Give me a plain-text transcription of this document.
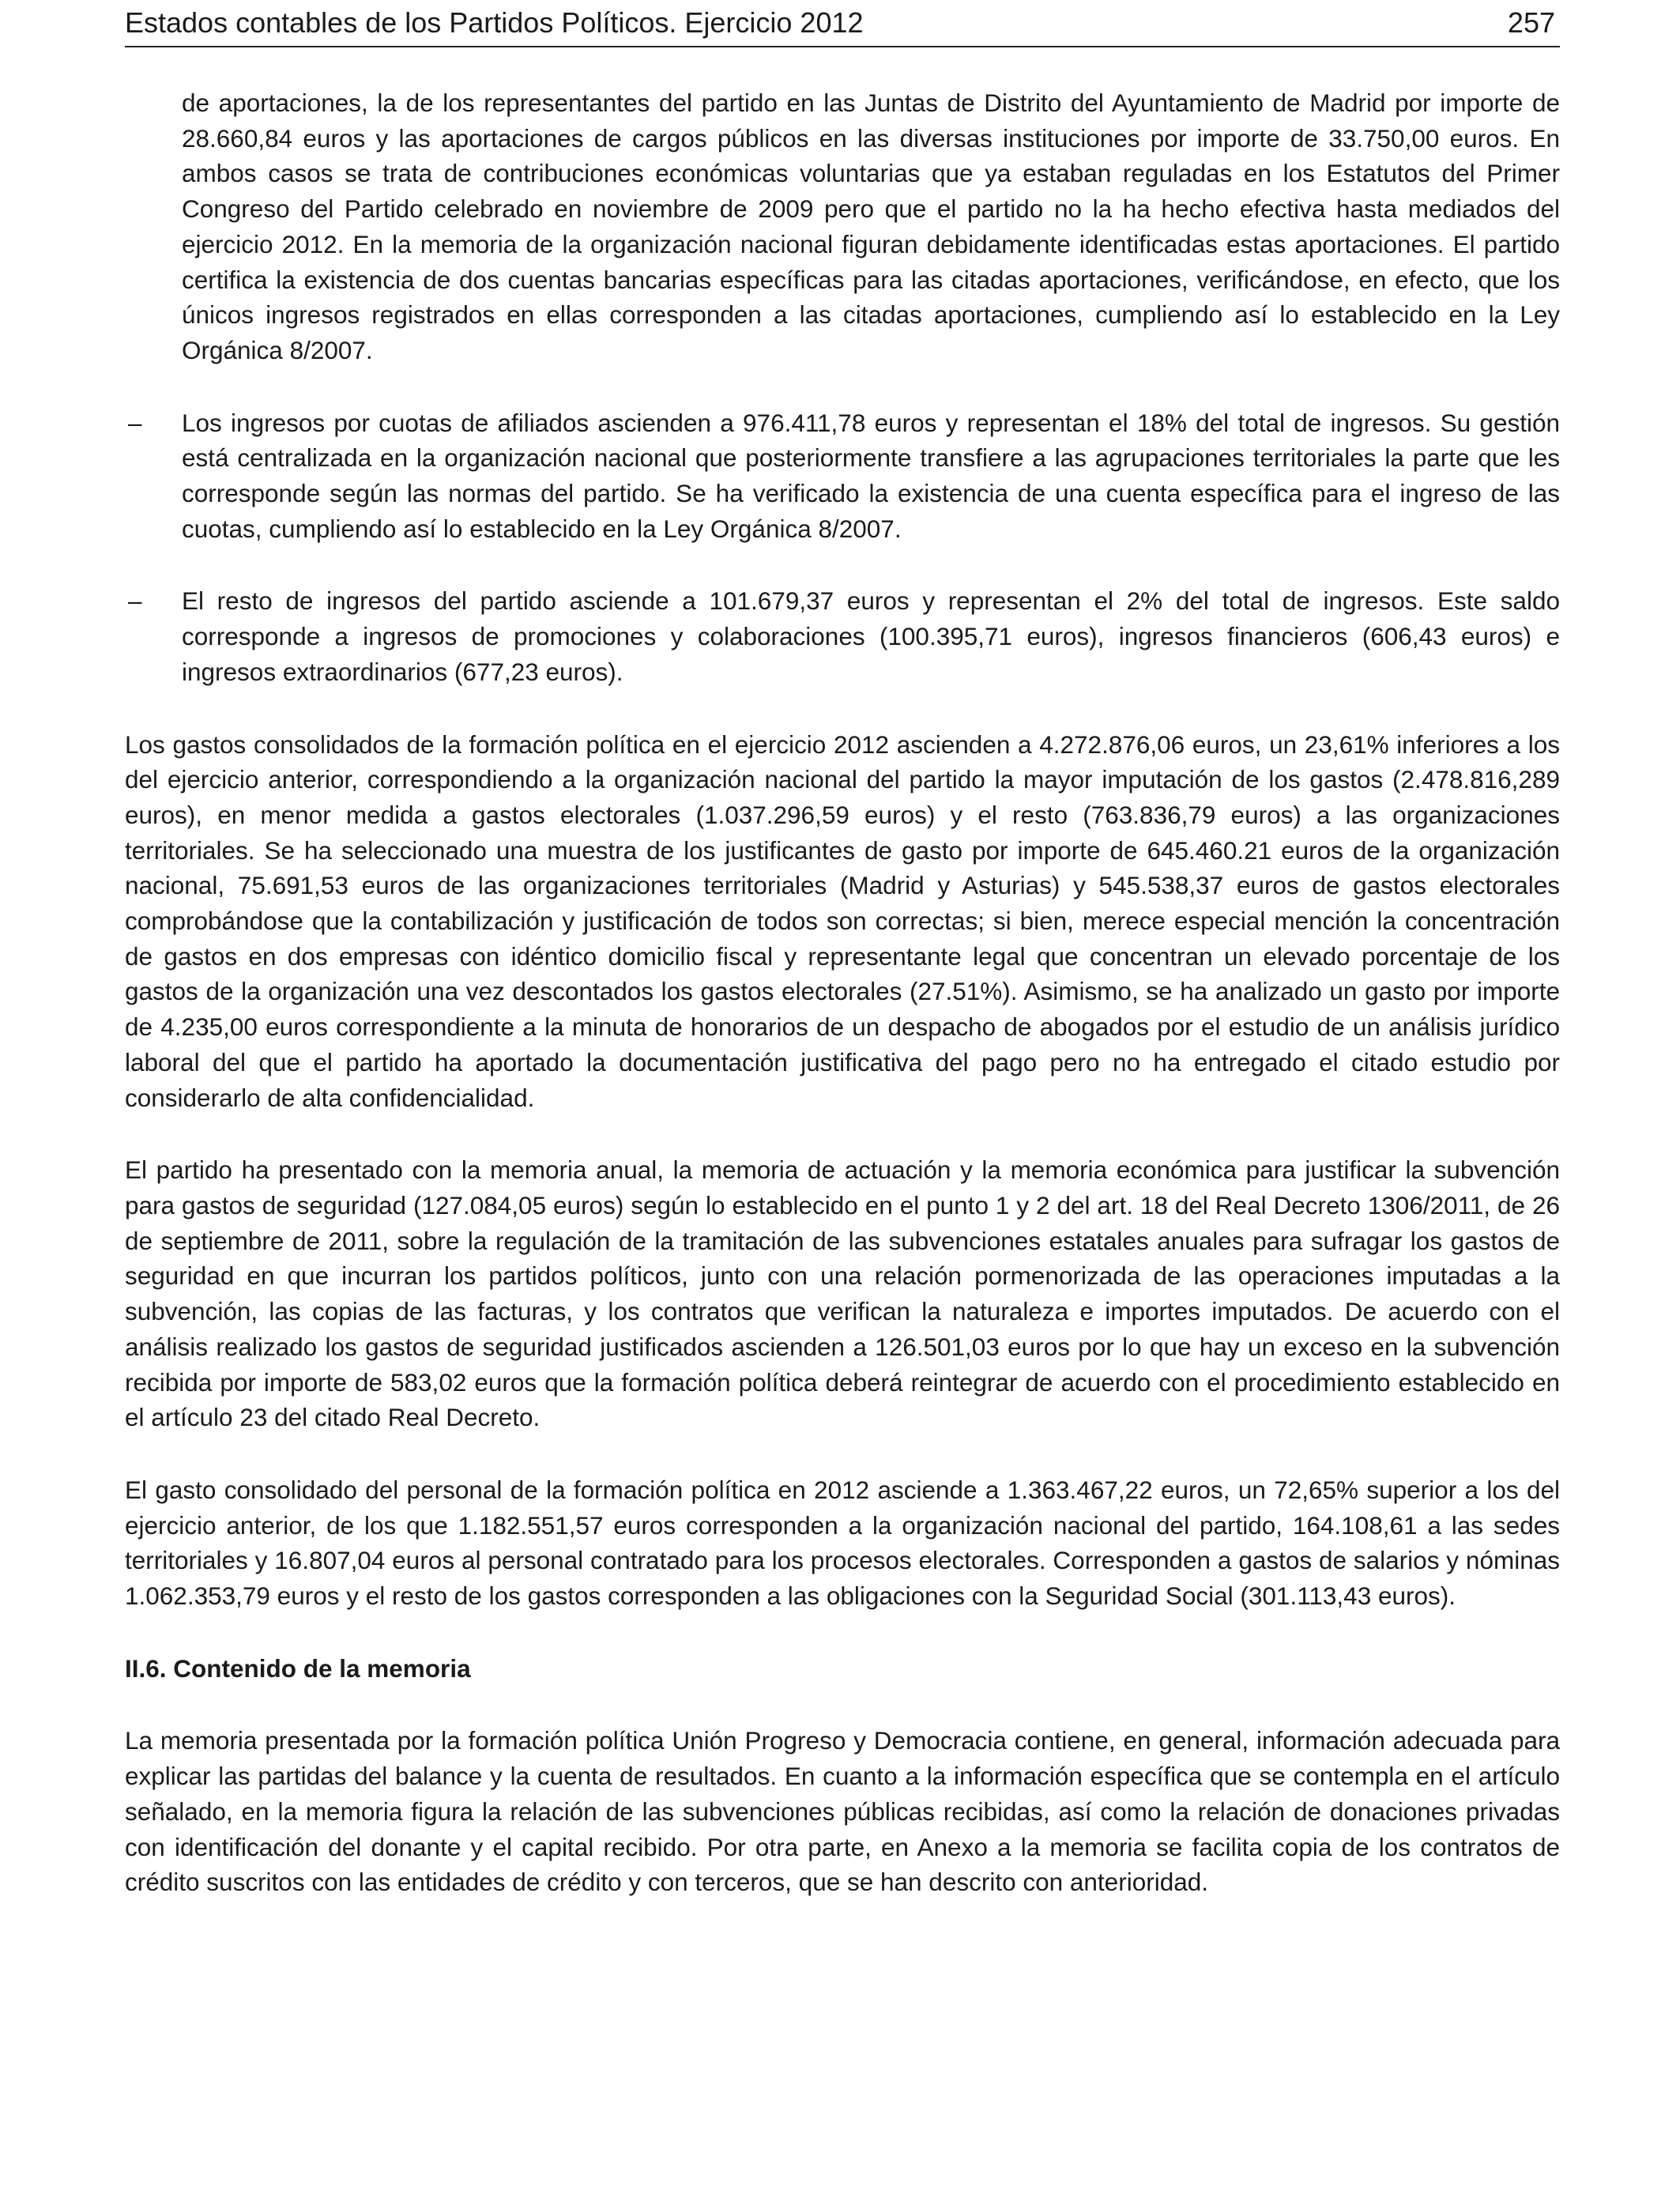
Estados contables de los Partidos Políticos. Ejercicio 2012	257

de aportaciones, la de los representantes del partido en las Juntas de Distrito del Ayuntamiento de Madrid por importe de 28.660,84 euros y las aportaciones de cargos públicos en las diversas instituciones por importe de 33.750,00 euros. En ambos casos se trata de contribuciones económicas voluntarias que ya estaban reguladas en los Estatutos del Primer Congreso del Partido celebrado en noviembre de 2009 pero que el partido no la ha hecho efectiva hasta mediados del ejercicio 2012. En la memoria de la organización nacional figuran debidamente identificadas estas aportaciones. El partido certifica la existencia de dos cuentas bancarias específicas para las citadas aportaciones, verificándose, en efecto, que los únicos ingresos registrados en ellas corresponden a las citadas aportaciones, cumpliendo así lo establecido en la Ley Orgánica 8/2007.

– Los ingresos por cuotas de afiliados ascienden a 976.411,78 euros y representan el 18% del total de ingresos. Su gestión está centralizada en la organización nacional que posteriormente transfiere a las agrupaciones territoriales la parte que les corresponde según las normas del partido. Se ha verificado la existencia de una cuenta específica para el ingreso de las cuotas, cumpliendo así lo establecido en la Ley Orgánica 8/2007.
– El resto de ingresos del partido asciende a 101.679,37 euros y representan el 2% del total de ingresos. Este saldo corresponde a ingresos de promociones y colaboraciones (100.395,71 euros), ingresos financieros (606,43 euros) e ingresos extraordinarios (677,23 euros).

Los gastos consolidados de la formación política en el ejercicio 2012 ascienden a 4.272.876,06 euros, un 23,61% inferiores a los del ejercicio anterior, correspondiendo a la organización nacional del partido la mayor imputación de los gastos (2.478.816,289 euros), en menor medida a gastos electorales (1.037.296,59 euros) y el resto (763.836,79 euros) a las organizaciones territoriales. Se ha seleccionado una muestra de los justificantes de gasto por importe de 645.460.21 euros de la organización nacional, 75.691,53 euros de las organizaciones territoriales (Madrid y Asturias) y 545.538,37 euros de gastos electorales comprobándose que la contabilización y justificación de todos son correctas; si bien, merece especial mención la concentración de gastos en dos empresas con idéntico domicilio fiscal y representante legal que concentran un elevado porcentaje de los gastos de la organización una vez descontados los gastos electorales (27.51%). Asimismo, se ha analizado un gasto por importe de 4.235,00 euros correspondiente a la minuta de honorarios de un despacho de abogados por el estudio de un análisis jurídico laboral del que el partido ha aportado la documentación justificativa del pago pero no ha entregado el citado estudio por considerarlo de alta confidencialidad.

El partido ha presentado con la memoria anual, la memoria de actuación y la memoria económica para justificar la subvención para gastos de seguridad (127.084,05 euros) según lo establecido en el punto 1 y 2 del art. 18 del Real Decreto 1306/2011, de 26 de septiembre de 2011, sobre la regulación de la tramitación de las subvenciones estatales anuales para sufragar los gastos de seguridad en que incurran los partidos políticos, junto con una relación pormenorizada de las operaciones imputadas a la subvención, las copias de las facturas, y los contratos que verifican la naturaleza e importes imputados. De acuerdo con el análisis realizado los gastos de seguridad justificados ascienden a 126.501,03 euros por lo que hay un exceso en la subvención recibida por importe de 583,02 euros que la formación política deberá reintegrar de acuerdo con el procedimiento establecido en el artículo 23 del citado Real Decreto.

El gasto consolidado del personal de la formación política en 2012 asciende a 1.363.467,22 euros, un 72,65% superior a los del ejercicio anterior, de los que 1.182.551,57 euros corresponden a la organización nacional del partido, 164.108,61 a las sedes territoriales y 16.807,04 euros al personal contratado para los procesos electorales. Corresponden a gastos de salarios y nóminas 1.062.353,79 euros y el resto de los gastos corresponden a las obligaciones con la Seguridad Social (301.113,43 euros).

II.6. Contenido de la memoria

La memoria presentada por la formación política Unión Progreso y Democracia contiene, en general, información adecuada para explicar las partidas del balance y la cuenta de resultados. En cuanto a la información específica que se contempla en el artículo señalado, en la memoria figura la relación de las subvenciones públicas recibidas, así como la relación de donaciones privadas con identificación del donante y el capital recibido. Por otra parte, en Anexo a la memoria se facilita copia de los contratos de crédito suscritos con las entidades de crédito y con terceros, que se han descrito con anterioridad.
